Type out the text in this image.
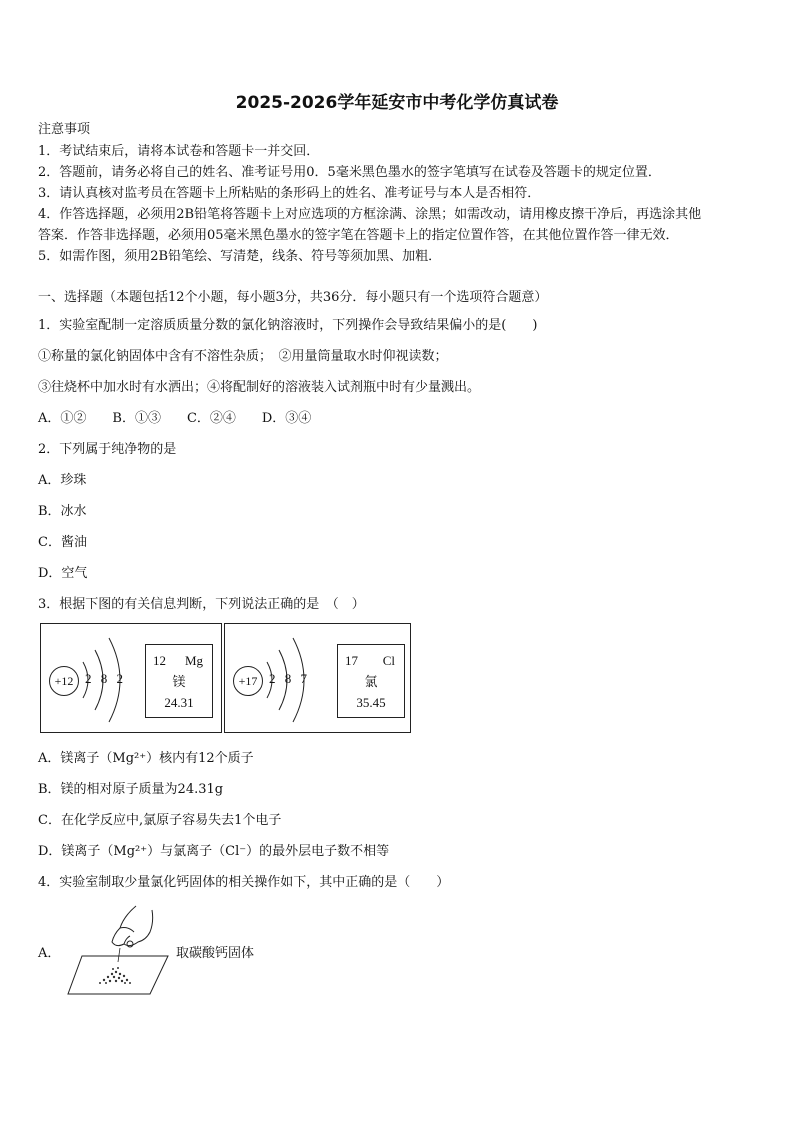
2025-2026学年延安市中考化学仿真试卷
注意事项
1．考试结束后，请将本试卷和答题卡一并交回．
2．答题前，请务必将自己的姓名、准考证号用0．5毫米黑色墨水的签字笔填写在试卷及答题卡的规定位置．
3．请认真核对监考员在答题卡上所粘贴的条形码上的姓名、准考证号与本人是否相符．
4．作答选择题，必须用2B铅笔将答题卡上对应选项的方框涂满、涂黑；如需改动，请用橡皮擦干净后，再选涂其他
答案．作答非选择题，必须用05毫米黑色墨水的签字笔在答题卡上的指定位置作答，在其他位置作答一律无效．
5．如需作图，须用2B铅笔绘、写清楚，线条、符号等须加黑、加粗．
一、选择题（本题包括12个小题，每小题3分，共36分．每小题只有一个选项符合题意）
1．实验室配制一定溶质质量分数的氯化钠溶液时，下列操作会导致结果偏小的是(　　)
①称量的氯化钠固体中含有不溶性杂质；　②用量筒量取水时仰视读数；
③往烧杯中加水时有水洒出；④将配制好的溶液装入试剂瓶中时有少量溅出。
A．①②　　B．①③　　C．②④　　D．③④
2．下列属于纯净物的是
A．珍珠
B．冰水
C．酱油
D．空气
3．根据下图的有关信息判断，下列说法正确的是　（　）
+12 2 8 2
12 Mg
镁
24.31
+17 2 8 7
17 Cl
氯
35.45
A．镁离子（Mg²⁺）核内有12个质子
B．镁的相对原子质量为24.31g
C．在化学反应中,氯原子容易失去1个电子
D．镁离子（Mg²⁺）与氯离子（Cl⁻）的最外层电子数不相等
4．实验室制取少量氯化钙固体的相关操作如下，其中正确的是（　　）
A．	取碳酸钙固体
